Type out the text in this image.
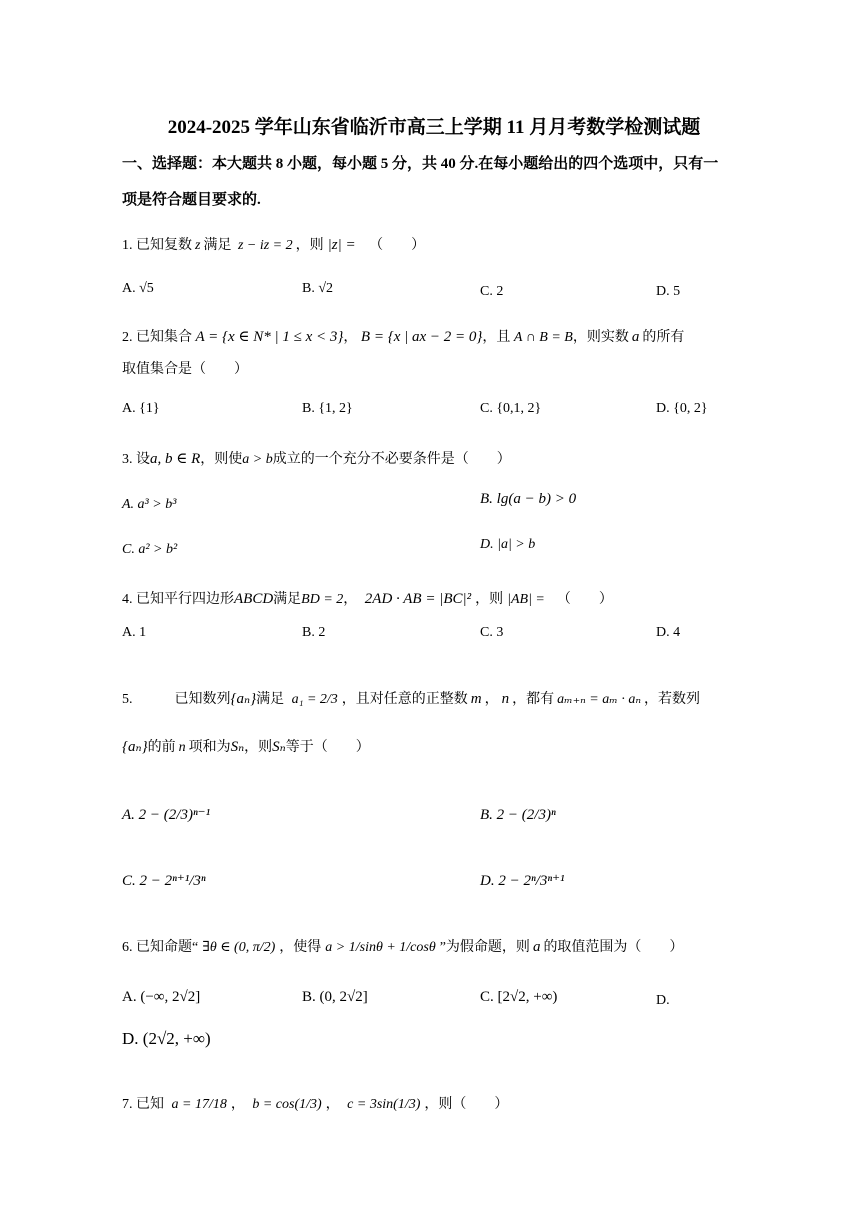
2024-2025 学年山东省临沂市高三上学期 11 月月考数学检测试题
一、选择题：本大题共 8 小题，每小题 5 分，共 40 分.在每小题给出的四个选项中，只有一
项是符合题目要求的.
1. 已知复数 z 满足 z − iz = 2 ，则 |z| = （　　）
A. √5	B. √2	C. 2	D. 5
2. 已知集合 A = {x ∈ N* | 1 ≤ x < 3}， B = {x | ax − 2 = 0}，且 A ∩ B = B，则实数 a 的所有
取值集合是（　　）
A. {1}	B. {1, 2}	C. {0,1, 2}	D. {0, 2}
3. 设a, b ∈ R，则使a > b成立的一个充分不必要条件是（　　）
A. a³ > b³	B. lg(a − b) > 0
C. a² > b²	D. |a| > b
4. 已知平行四边形ABCD满足BD = 2， 2AD · AB = |BC|² ，则 |AB| = （　　）
A. 1	B. 2	C. 3	D. 4
5.　　　已知数列{aₙ}满足 a₁ = 2/3 ，且对任意的正整数 m ， n ，都有 aₘ₊ₙ = aₘ · aₙ ，若数列
{aₙ}的前 n 项和为Sₙ，则Sₙ等于（　　）
A. 2 − (2/3)ⁿ⁻¹	B. 2 − (2/3)ⁿ
C. 2 − 2ⁿ⁺¹/3ⁿ	D. 2 − 2ⁿ/3ⁿ⁺¹
6. 已知命题“ ∃θ ∈ (0, π/2) ，使得 a > 1/sinθ + 1/cosθ ”为假命题，则 a 的取值范围为（　　）
A. (−∞, 2√2]	B. (0, 2√2]	C. [2√2, +∞)	D.
D. (2√2, +∞)
7. 已知 a = 17/18 ， b = cos(1/3) ， c = 3sin(1/3) ，则（　　）
